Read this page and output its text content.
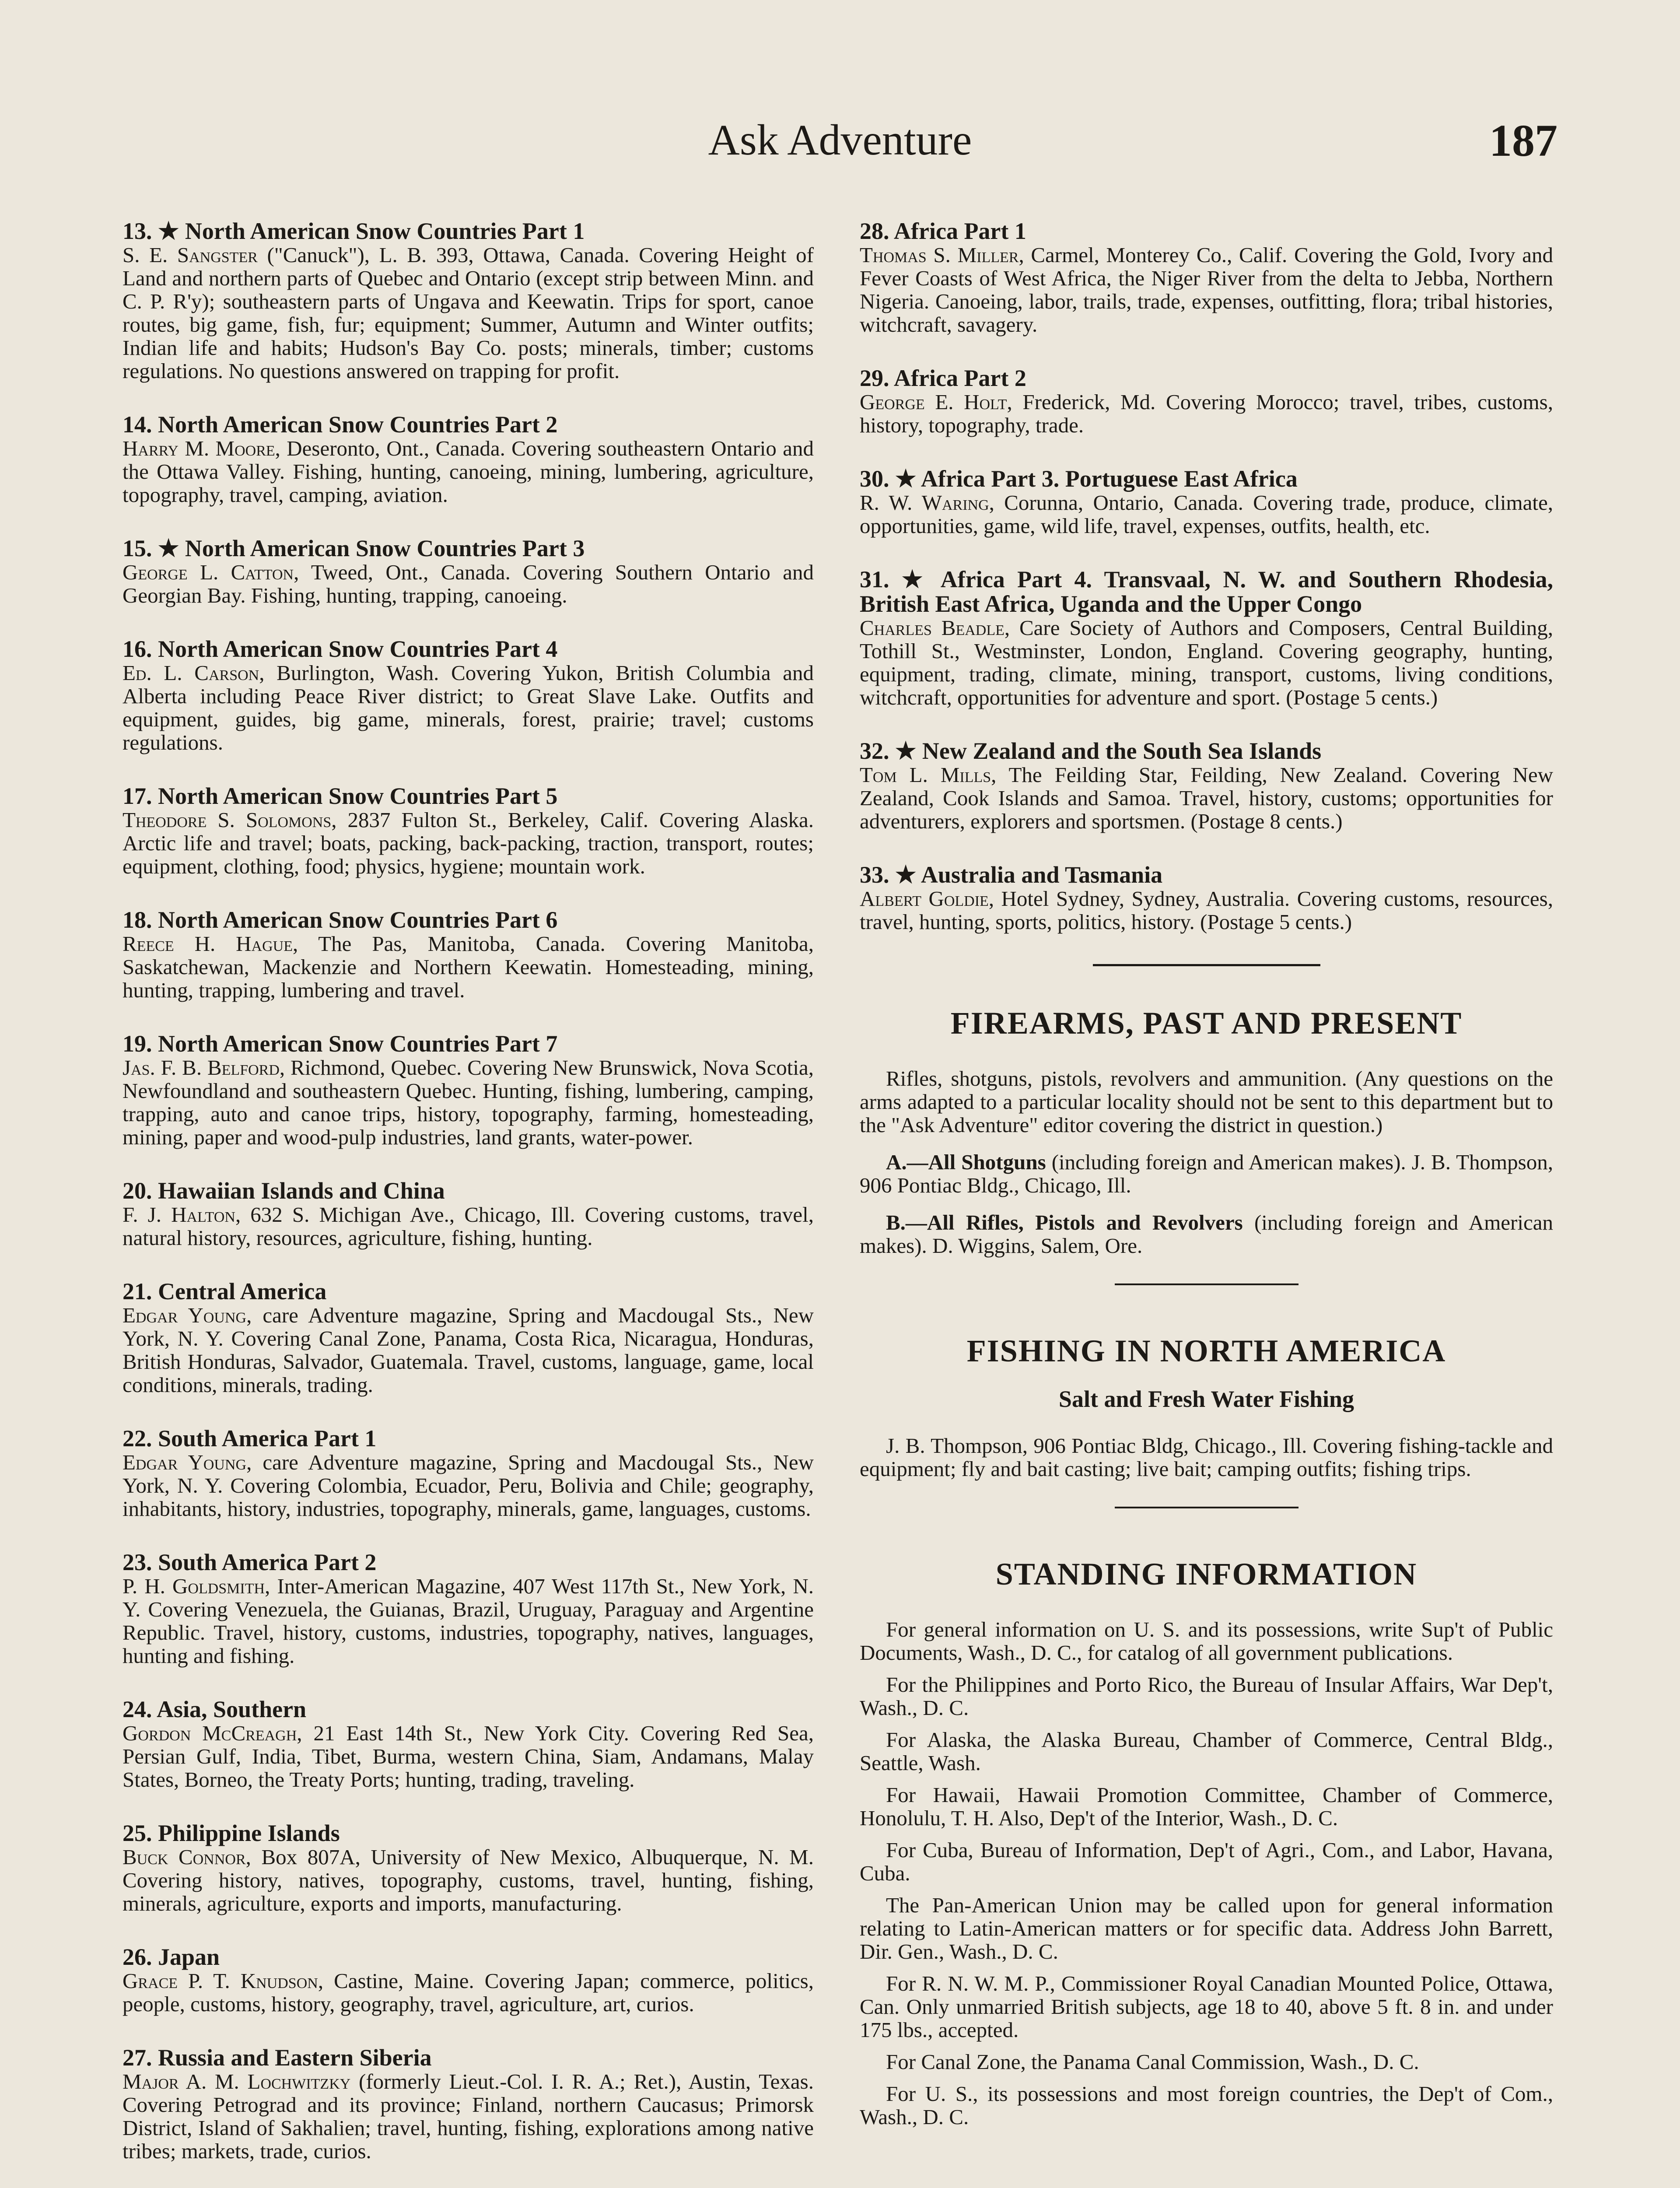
Ask Adventure	187
13. ★ North American Snow Countries Part 1
S. E. Sangster ("Canuck"), L. B. 393, Ottawa, Canada. Covering Height of Land and northern parts of Quebec and Ontario (except strip between Minn. and C. P. R'y); southeastern parts of Ungava and Keewatin. Trips for sport, canoe routes, big game, fish, fur; equipment; Summer, Autumn and Winter outfits; Indian life and habits; Hudson's Bay Co. posts; minerals, timber; customs regulations. No questions answered on trapping for profit.
14. North American Snow Countries Part 2
Harry M. Moore, Deseronto, Ont., Canada. Covering southeastern Ontario and the Ottawa Valley. Fishing, hunting, canoeing, mining, lumbering, agriculture, topography, travel, camping, aviation.
15. ★ North American Snow Countries Part 3
George L. Catton, Tweed, Ont., Canada. Covering Southern Ontario and Georgian Bay. Fishing, hunting, trapping, canoeing.
16. North American Snow Countries Part 4
Ed. L. Carson, Burlington, Wash. Covering Yukon, British Columbia and Alberta including Peace River district; to Great Slave Lake. Outfits and equipment, guides, big game, minerals, forest, prairie; travel; customs regulations.
17. North American Snow Countries Part 5
Theodore S. Solomons, 2837 Fulton St., Berkeley, Calif. Covering Alaska. Arctic life and travel; boats, packing, back-packing, traction, transport, routes; equipment, clothing, food; physics, hygiene; mountain work.
18. North American Snow Countries Part 6
Reece H. Hague, The Pas, Manitoba, Canada. Covering Manitoba, Saskatchewan, Mackenzie and Northern Keewatin. Homesteading, mining, hunting, trapping, lumbering and travel.
19. North American Snow Countries Part 7
Jas. F. B. Belford, Richmond, Quebec. Covering New Brunswick, Nova Scotia, Newfoundland and southeastern Quebec. Hunting, fishing, lumbering, camping, trapping, auto and canoe trips, history, topography, farming, homesteading, mining, paper and wood-pulp industries, land grants, water-power.
20. Hawaiian Islands and China
F. J. Halton, 632 S. Michigan Ave., Chicago, Ill. Covering customs, travel, natural history, resources, agriculture, fishing, hunting.
21. Central America
Edgar Young, care Adventure magazine, Spring and Macdougal Sts., New York, N. Y. Covering Canal Zone, Panama, Costa Rica, Nicaragua, Honduras, British Honduras, Salvador, Guatemala. Travel, customs, language, game, local conditions, minerals, trading.
22. South America Part 1
Edgar Young, care Adventure magazine, Spring and Macdougal Sts., New York, N. Y. Covering Colombia, Ecuador, Peru, Bolivia and Chile; geography, inhabitants, history, industries, topography, minerals, game, languages, customs.
23. South America Part 2
P. H. Goldsmith, Inter-American Magazine, 407 West 117th St., New York, N. Y. Covering Venezuela, the Guianas, Brazil, Uruguay, Paraguay and Argentine Republic. Travel, history, customs, industries, topography, natives, languages, hunting and fishing.
24. Asia, Southern
Gordon McCreagh, 21 East 14th St., New York City. Covering Red Sea, Persian Gulf, India, Tibet, Burma, western China, Siam, Andamans, Malay States, Borneo, the Treaty Ports; hunting, trading, traveling.
25. Philippine Islands
Buck Connor, Box 807A, University of New Mexico, Albuquerque, N. M. Covering history, natives, topography, customs, travel, hunting, fishing, minerals, agriculture, exports and imports, manufacturing.
26. Japan
Grace P. T. Knudson, Castine, Maine. Covering Japan; commerce, politics, people, customs, history, geography, travel, agriculture, art, curios.
27. Russia and Eastern Siberia
Major A. M. Lochwitzky (formerly Lieut.-Col. I. R. A.; Ret.), Austin, Texas. Covering Petrograd and its province; Finland, northern Caucasus; Primorsk District, Island of Sakhalien; travel, hunting, fishing, explorations among native tribes; markets, trade, curios.
28. Africa Part 1
Thomas S. Miller, Carmel, Monterey Co., Calif. Covering the Gold, Ivory and Fever Coasts of West Africa, the Niger River from the delta to Jebba, Northern Nigeria. Canoeing, labor, trails, trade, expenses, outfitting, flora; tribal histories, witchcraft, savagery.
29. Africa Part 2
George E. Holt, Frederick, Md. Covering Morocco; travel, tribes, customs, history, topography, trade.
30. ★ Africa Part 3. Portuguese East Africa
R. W. Waring, Corunna, Ontario, Canada. Covering trade, produce, climate, opportunities, game, wild life, travel, expenses, outfits, health, etc.
31. ★ Africa Part 4. Transvaal, N. W. and Southern Rhodesia, British East Africa, Uganda and the Upper Congo
Charles Beadle, Care Society of Authors and Composers, Central Building, Tothill St., Westminster, London, England. Covering geography, hunting, equipment, trading, climate, mining, transport, customs, living conditions, witchcraft, opportunities for adventure and sport. (Postage 5 cents.)
32. ★ New Zealand and the South Sea Islands
Tom L. Mills, The Feilding Star, Feilding, New Zealand. Covering New Zealand, Cook Islands and Samoa. Travel, history, customs; opportunities for adventurers, explorers and sportsmen. (Postage 8 cents.)
33. ★ Australia and Tasmania
Albert Goldie, Hotel Sydney, Sydney, Australia. Covering customs, resources, travel, hunting, sports, politics, history. (Postage 5 cents.)
FIREARMS, PAST AND PRESENT
Rifles, shotguns, pistols, revolvers and ammunition. (Any questions on the arms adapted to a particular locality should not be sent to this department but to the "Ask Adventure" editor covering the district in question.)
A.—All Shotguns (including foreign and American makes). J. B. Thompson, 906 Pontiac Bldg., Chicago, Ill.
B.—All Rifles, Pistols and Revolvers (including foreign and American makes). D. Wiggins, Salem, Ore.
FISHING IN NORTH AMERICA
Salt and Fresh Water Fishing
J. B. Thompson, 906 Pontiac Bldg, Chicago., Ill. Covering fishing-tackle and equipment; fly and bait casting; live bait; camping outfits; fishing trips.
STANDING INFORMATION
For general information on U. S. and its possessions, write Sup't of Public Documents, Wash., D. C., for catalog of all government publications.
For the Philippines and Porto Rico, the Bureau of Insular Affairs, War Dep't, Wash., D. C.
For Alaska, the Alaska Bureau, Chamber of Commerce, Central Bldg., Seattle, Wash.
For Hawaii, Hawaii Promotion Committee, Chamber of Commerce, Honolulu, T. H. Also, Dep't of the Interior, Wash., D. C.
For Cuba, Bureau of Information, Dep't of Agri., Com., and Labor, Havana, Cuba.
The Pan-American Union may be called upon for general information relating to Latin-American matters or for specific data. Address John Barrett, Dir. Gen., Wash., D. C.
For R. N. W. M. P., Commissioner Royal Canadian Mounted Police, Ottawa, Can. Only unmarried British subjects, age 18 to 40, above 5 ft. 8 in. and under 175 lbs., accepted.
For Canal Zone, the Panama Canal Commission, Wash., D. C.
For U. S., its possessions and most foreign countries, the Dep't of Com., Wash., D. C.
